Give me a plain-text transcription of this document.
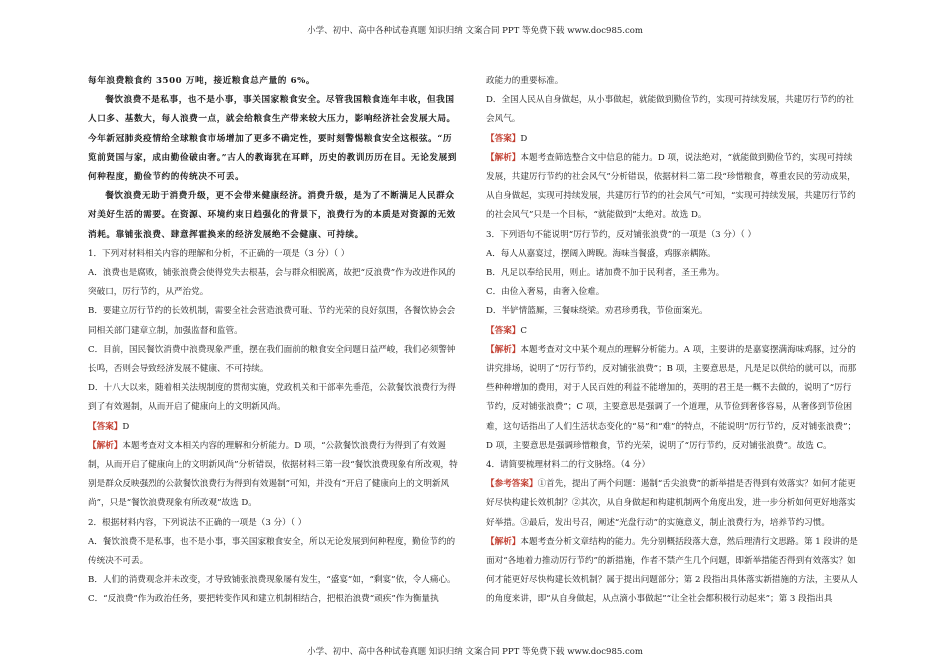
小学、初中、高中各种试卷真题 知识归纳 文案合同 PPT 等免费下载 www.doc985.com

每年浪费粮食约 3500 万吨，接近粮食总产量的 6%。

餐饮浪费不是私事，也不是小事，事关国家粮食安全。尽管我国粮食连年丰收，但我国人口多、基数大，每人浪费一点，就会给粮食生产带来较大压力，影响经济社会发展大局。今年新冠肺炎疫情给全球粮食市场增加了更多不确定性，要时刻警惕粮食安全这根弦。“历览前贤国与家，成由勤俭破由奢。”古人的教诲犹在耳畔，历史的教训历历在目。无论发展到何种程度，勤俭节约的传统决不可丢。

餐饮浪费无助于消费升级，更不会带来健康经济。消费升级，是为了不断满足人民群众对美好生活的需要。在资源、环境约束日趋强化的背景下，浪费行为的本质是对资源的无效消耗。靠铺张浪费、肆意挥霍换来的经济发展绝不会健康、可持续。

1．下列对材料相关内容的理解和分析，不正确的一项是（3 分）（ ）

A．浪费也是腐败，铺张浪费会使得党失去根基，会与群众相脱离，故把“反浪费”作为改进作风的突破口，厉行节约，从严治党。

B．要建立厉行节约的长效机制，需要全社会营造浪费可耻、节约光荣的良好氛围，各餐饮协会会同相关部门建章立制，加强监督和监管。

C．目前，国民餐饮消费中浪费现象严重，摆在我们面前的粮食安全问题日益严峻，我们必须警钟长鸣，否则会导致经济发展不健康、不可持续。

D．十八大以来，随着相关法规制度的贯彻实施，党政机关和干部率先垂范，公款餐饮浪费行为得到了有效遏制，从而开启了健康向上的文明新风尚。

【答案】D

【解析】本题考查对文本相关内容的理解和分析能力。D 项，“公款餐饮浪费行为得到了有效遏制，从而开启了健康向上的文明新风尚”分析错误，依据材料三第一段“餐饮浪费现象有所改观，特别是群众反映强烈的公款餐饮浪费行为得到有效遏制”可知，并没有“开启了健康向上的文明新风尚”，只是“餐饮浪费现象有所改观”故选 D。

2．根据材料内容，下列说法不正确的一项是（3 分）（ ）

A．餐饮浪费不是私事，也不是小事，事关国家粮食安全，所以无论发展到何种程度，勤俭节约的传统决不可丢。

B．人们的消费观念并未改变，才导致铺张浪费现象屡有发生，“盛宴”如，“剩宴”依，令人痛心。

C．“反浪费”作为政治任务，要把转变作风和建立机制相结合，把根治浪费“顽疾”作为衡量执

政能力的重要标准。

D．全国人民从自身做起，从小事做起，就能做到勤俭节约，实现可持续发展，共建厉行节约的社会风气。

【答案】D

【解析】本题考查筛选整合文中信息的能力。D 项，说法绝对，“就能做到勤俭节约，实现可持续发展，共建厉行节约的社会风气”分析错误，依据材料二第二段“珍惜粮食，尊重农民的劳动成果，从自身做起，实现可持续发展，共建厉行节约的社会风气”可知，“实现可持续发展，共建厉行节约的社会风气”只是一个目标，“就能做到”太绝对。故选 D。

3．下列语句不能说明“厉行节约，反对铺张浪费”的一项是（3 分）（ ）

A．每人从嘉宴过，摆阔入睥睨。海味当餐盛，鸡豚亲耦陈。

B．凡足以奉给民用，则止。诸加费不加于民利者，圣王弗为。

C．由俭入奢易，由奢入俭难。

D．半铲情篮厮，三餐味绕梁。劝君珍勇我，节俭面案光。

【答案】C

【解析】本题考查对文中某个观点的理解分析能力。A 项，主要讲的是嘉宴摆满海味鸡豚，过分的讲究排场，说明了“厉行节约，反对铺张浪费”；B 项，主要意思是，凡是足以供给的就可以，而那些种种增加的费用，对于人民百姓的利益不能增加的，英明的君王是一概不去做的，说明了“厉行节约，反对铺张浪费”；C 项，主要意思是强调了一个道理，从节俭到奢侈容易，从奢侈到节俭困难，这句话指出了人们生活状态变化的“易”和“难”的特点，不能说明“厉行节约，反对铺张浪费”；D 项，主要意思是强调珍惜粮食，节约光荣，说明了“厉行节约，反对铺张浪费”。故选 C。

4．请简要梳理材料二的行文脉络。（4 分）

【参考答案】①首先，提出了两个问题：遏制“舌尖浪费”的新举措是否得到有效落实？如何才能更好尽快构建长效机制？②其次，从自身做起和构建机制两个角度出发，进一步分析如何更好地落实好举措。③最后，发出号召，阐述“光盘行动”的实施意义，制止浪费行为，培养节约习惯。

【解析】本题考查分析文章结构的能力。先分别概括段落大意，然后理清行文思路。第 1 段讲的是面对“各地着力推动厉行节约”的新措施，作者不禁产生几个问题，即新举措能否得到有效落实？如何才能更好尽快构建长效机制？属于提出问题部分；第 2 段指出具体落实新措施的方法，主要从人的角度来讲，即“从自身做起，从点滴小事做起”“让全社会都积极行动起来”；第 3 段指出具

小学、初中、高中各种试卷真题 知识归纳 文案合同 PPT 等免费下载 www.doc985.com
